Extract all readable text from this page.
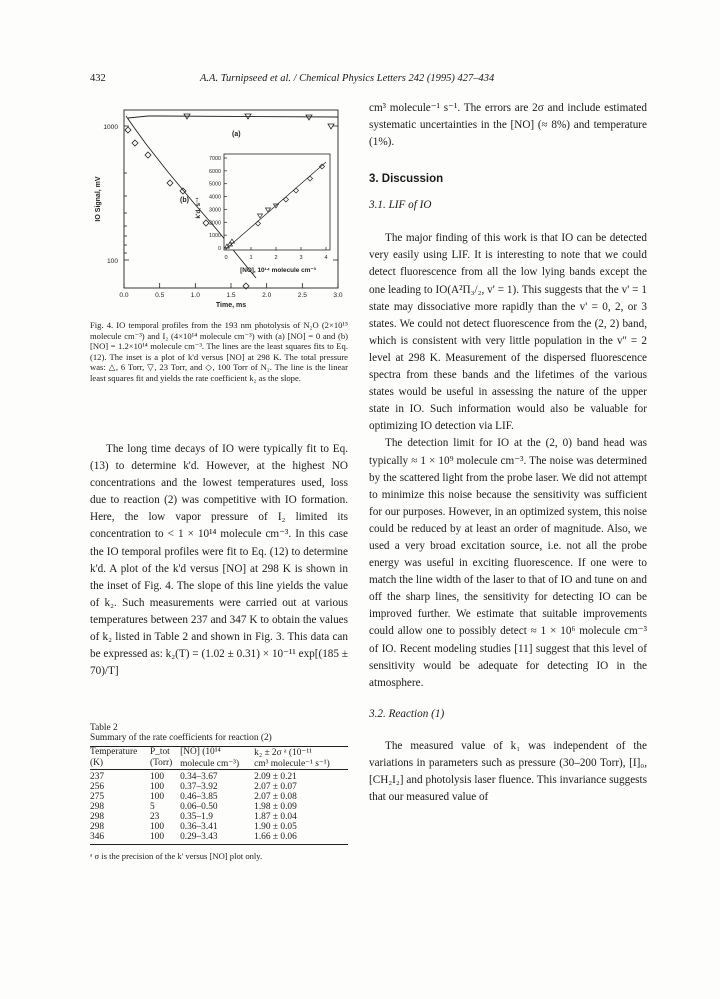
432	A.A. Turnipseed et al. / Chemical Physics Letters 242 (1995) 427–434
1000
100
0.0	0.5	1.0	1.5	2.0	2.5	3.0
Time, ms
IO Signal, mV
(a)
(b)
7000
6000
5000
4000
3000
2000
1000
0
0	1	2	3	4
k'd, s⁻¹
[NO], 10¹⁴ molecule cm⁻³
Fig. 4. IO temporal profiles from the 193 nm photolysis of N₂O (2×10¹⁵ molecule cm⁻³) and I₂ (4×10¹⁴ molecule cm⁻³) with (a) [NO] = 0 and (b) [NO] = 1.2×10¹⁴ molecule cm⁻³. The lines are the least squares fits to Eq. (12). The inset is a plot of k'd versus [NO] at 298 K. The total pressure was: △, 6 Torr, ▽, 23 Torr, and ◇, 100 Torr of N₂. The line is the linear least squares fit and yields the rate coefficient k₂ as the slope.

The long time decays of IO were typically fit to Eq. (13) to determine k'd. However, at the highest NO concentrations and the lowest temperatures used, loss due to reaction (2) was competitive with IO formation. Here, the low vapor pressure of I₂ limited its concentration to < 1 × 10¹⁴ molecule cm⁻³. In this case the IO temporal profiles were fit to Eq. (12) to determine k'd. A plot of the k'd versus [NO] at 298 K is shown in the inset of Fig. 4. The slope of this line yields the value of k₂. Such measurements were carried out at various temperatures between 237 and 347 K to obtain the values of k₂ listed in Table 2 and shown in Fig. 3. This data can be expressed as: k₂(T) = (1.02 ± 0.31) × 10⁻¹¹ exp[(185 ± 70)/T]

Table 2
Summary of the rate coefficients for reaction (2)
Temperature	P_tot	[NO] (10¹⁴	k₂ ± 2σ ᵃ (10⁻¹¹
(K)	(Torr)	molecule cm⁻³)	cm³ molecule⁻¹ s⁻¹)
237	100	0.34–3.67	2.09 ± 0.21
256	100	0.37–3.92	2.07 ± 0.07
275	100	0.46–3.85	2.07 ± 0.08
298	5	0.06–0.50	1.98 ± 0.09
298	23	0.35–1.9	1.87 ± 0.04
298	100	0.36–3.41	1.90 ± 0.05
346	100	0.29–3.43	1.66 ± 0.06
ᵃ σ is the precision of the k' versus [NO] plot only.

cm³ molecule⁻¹ s⁻¹. The errors are 2σ and include estimated systematic uncertainties in the [NO] (≈ 8%) and temperature (1%).

3. Discussion
3.1. LIF of IO

The major finding of this work is that IO can be detected very easily using LIF. It is interesting to note that we could detect fluorescence from all the low lying bands except the one leading to IO(A²Π₃/₂, v' = 1). This suggests that the v' = 1 state may dissociative more rapidly than the v' = 0, 2, or 3 states. We could not detect fluorescence from the (2, 2) band, which is consistent with very little population in the v'' = 2 level at 298 K. Measurement of the dispersed fluorescence spectra from these bands and the lifetimes of the various states would be useful in assessing the nature of the upper state in IO. Such information would also be valuable for optimizing IO detection via LIF.

The detection limit for IO at the (2, 0) band head was typically ≈ 1 × 10⁹ molecule cm⁻³. The noise was determined by the scattered light from the probe laser. We did not attempt to minimize this noise because the sensitivity was sufficient for our purposes. However, in an optimized system, this noise could be reduced by at least an order of magnitude. Also, we used a very broad excitation source, i.e. not all the probe energy was useful in exciting fluorescence. If one were to match the line width of the laser to that of IO and tune on and off the sharp lines, the sensitivity for detecting IO can be improved further. We estimate that suitable improvements could allow one to possibly detect ≈ 1 × 10⁶ molecule cm⁻³ of IO. Recent modeling studies [11] suggest that this level of sensitivity would be adequate for detecting IO in the atmosphere.

3.2. Reaction (1)

The measured value of k₁ was independent of the variations in parameters such as pressure (30–200 Torr), [I]₀, [CH₂I₂] and photolysis laser fluence. This invariance suggests that our measured value of
